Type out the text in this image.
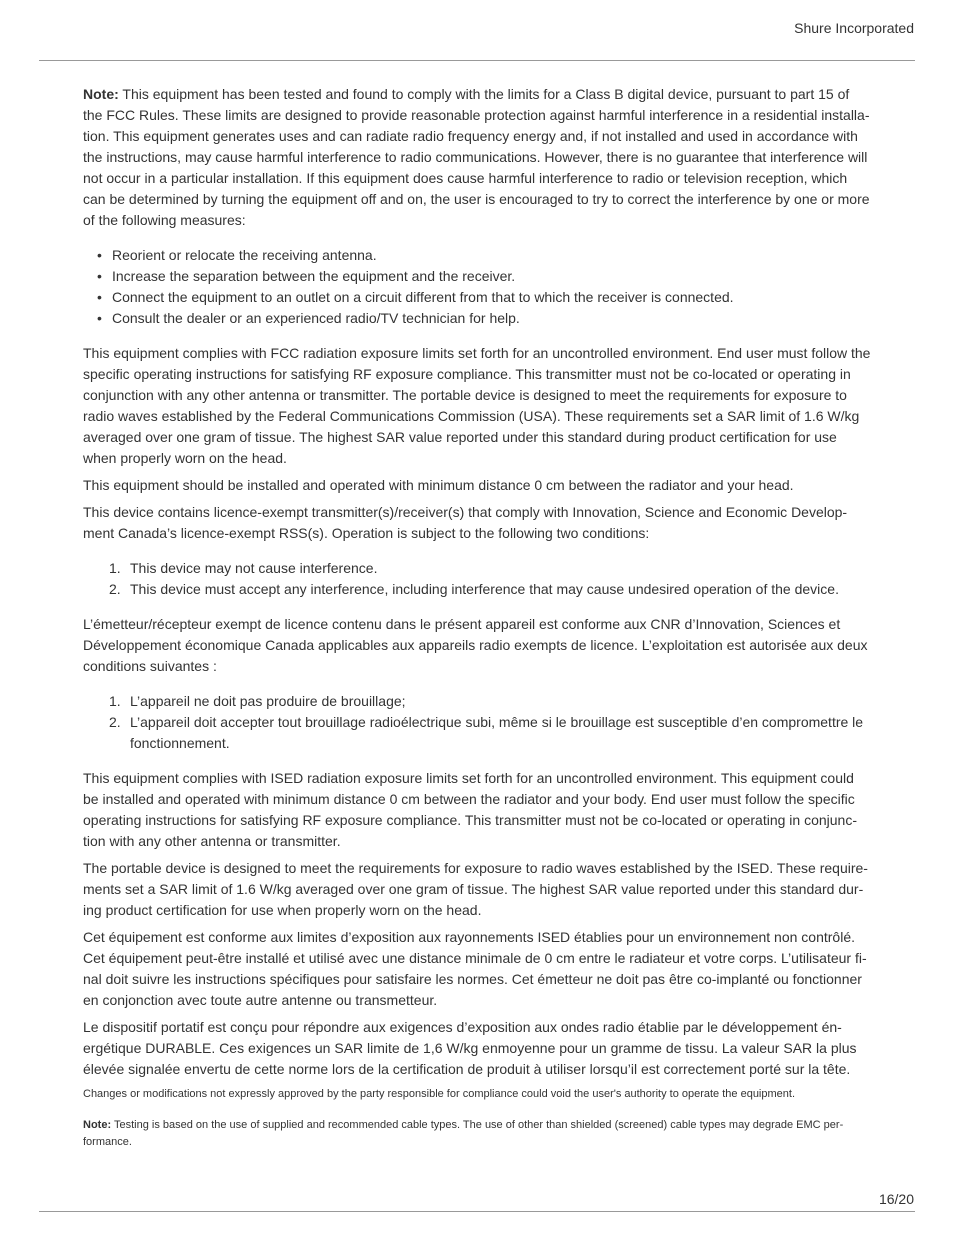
Shure Incorporated

Note: This equipment has been tested and found to comply with the limits for a Class B digital device, pursuant to part 15 of the FCC Rules. These limits are designed to provide reasonable protection against harmful interference in a residential installa-tion. This equipment generates uses and can radiate radio frequency energy and, if not installed and used in accordance with the instructions, may cause harmful interference to radio communications. However, there is no guarantee that interference will not occur in a particular installation. If this equipment does cause harmful interference to radio or television reception, which can be determined by turning the equipment off and on, the user is encouraged to try to correct the interference by one or more of the following measures:

• Reorient or relocate the receiving antenna.
• Increase the separation between the equipment and the receiver.
• Connect the equipment to an outlet on a circuit different from that to which the receiver is connected.
• Consult the dealer or an experienced radio/TV technician for help.

This equipment complies with FCC radiation exposure limits set forth for an uncontrolled environment. End user must follow the specific operating instructions for satisfying RF exposure compliance. This transmitter must not be co-located or operating in conjunction with any other antenna or transmitter. The portable device is designed to meet the requirements for exposure to radio waves established by the Federal Communications Commission (USA). These requirements set a SAR limit of 1.6 W/kg averaged over one gram of tissue. The highest SAR value reported under this standard during product certification for use when properly worn on the head.

This equipment should be installed and operated with minimum distance 0 cm between the radiator and your head.

This device contains licence-exempt transmitter(s)/receiver(s) that comply with Innovation, Science and Economic Develop-ment Canada’s licence-exempt RSS(s). Operation is subject to the following two conditions:

1. This device may not cause interference.
2. This device must accept any interference, including interference that may cause undesired operation of the device.

L’émetteur/récepteur exempt de licence contenu dans le présent appareil est conforme aux CNR d’Innovation, Sciences et Développement économique Canada applicables aux appareils radio exempts de licence. L’exploitation est autorisée aux deux conditions suivantes :

1. L’appareil ne doit pas produire de brouillage;
2. L’appareil doit accepter tout brouillage radioélectrique subi, même si le brouillage est susceptible d’en compromettre le fonctionnement.

This equipment complies with ISED radiation exposure limits set forth for an uncontrolled environment. This equipment could be installed and operated with minimum distance 0 cm between the radiator and your body. End user must follow the specific operating instructions for satisfying RF exposure compliance. This transmitter must not be co-located or operating in conjunc-tion with any other antenna or transmitter.

The portable device is designed to meet the requirements for exposure to radio waves established by the ISED. These require-ments set a SAR limit of 1.6 W/kg averaged over one gram of tissue. The highest SAR value reported under this standard dur-ing product certification for use when properly worn on the head.

Cet équipement est conforme aux limites d’exposition aux rayonnements ISED établies pour un environnement non contrôlé. Cet équipement peut-être installé et utilisé avec une distance minimale de 0 cm entre le radiateur et votre corps. L’utilisateur fi-nal doit suivre les instructions spécifiques pour satisfaire les normes. Cet émetteur ne doit pas être co-implanté ou fonctionner en conjonction avec toute autre antenne ou transmetteur.

Le dispositif portatif est conçu pour répondre aux exigences d’exposition aux ondes radio établie par le développement én-ergétique DURABLE. Ces exigences un SAR limite de 1,6 W/kg enmoyenne pour un gramme de tissu. La valeur SAR la plus élevée signalée envertu de cette norme lors de la certification de produit à utiliser lorsqu’il est correctement porté sur la tête.

Changes or modifications not expressly approved by the party responsible for compliance could void the user's authority to operate the equipment.

Note: Testing is based on the use of supplied and recommended cable types. The use of other than shielded (screened) cable types may degrade EMC per-formance.

16/20
